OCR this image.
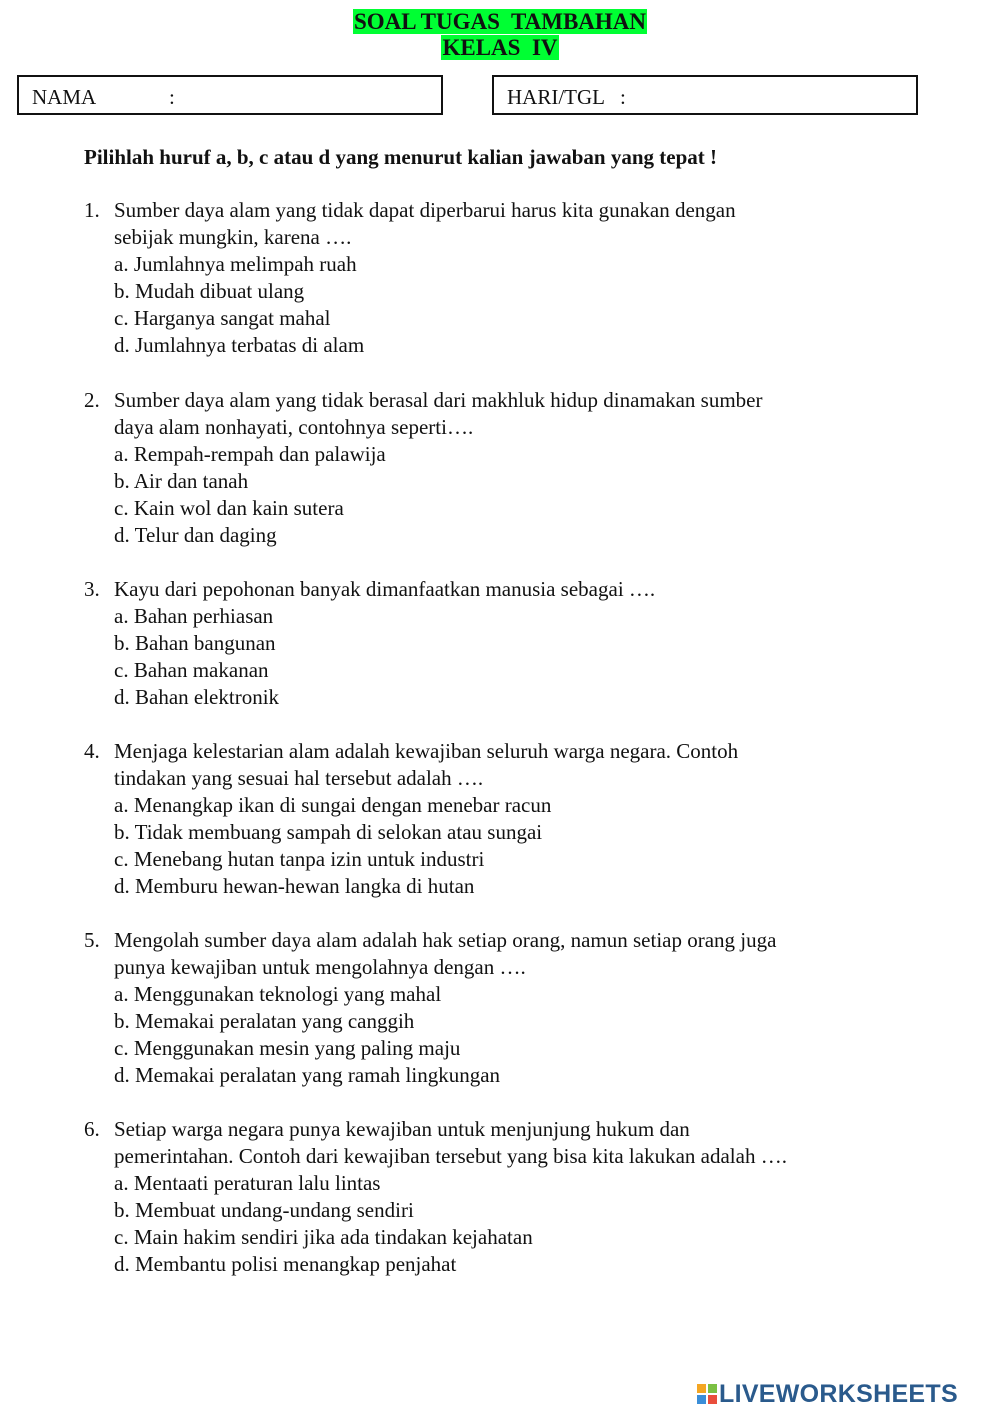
SOAL TUGAS  TAMBAHAN
KELAS  IV
NAMA	:	HARI/TGL :
Pilihlah huruf a, b, c atau d yang menurut kalian jawaban yang tepat !
1. Sumber daya alam yang tidak dapat diperbarui harus kita gunakan dengan
sebijak mungkin, karena ….
a. Jumlahnya melimpah ruah
b. Mudah dibuat ulang
c. Harganya sangat mahal
d. Jumlahnya terbatas di alam
2. Sumber daya alam yang tidak berasal dari makhluk hidup dinamakan sumber
daya alam nonhayati, contohnya seperti….
a. Rempah-rempah dan palawija
b. Air dan tanah
c. Kain wol dan kain sutera
d. Telur dan daging
3. Kayu dari pepohonan banyak dimanfaatkan manusia sebagai ….
a. Bahan perhiasan
b. Bahan bangunan
c. Bahan makanan
d. Bahan elektronik
4. Menjaga kelestarian alam adalah kewajiban seluruh warga negara. Contoh
tindakan yang sesuai hal tersebut adalah ….
a. Menangkap ikan di sungai dengan menebar racun
b. Tidak membuang sampah di selokan atau sungai
c. Menebang hutan tanpa izin untuk industri
d. Memburu hewan-hewan langka di hutan
5. Mengolah sumber daya alam adalah hak setiap orang, namun setiap orang juga
punya kewajiban untuk mengolahnya dengan ….
a. Menggunakan teknologi yang mahal
b. Memakai peralatan yang canggih
c. Menggunakan mesin yang paling maju
d. Memakai peralatan yang ramah lingkungan
6. Setiap warga negara punya kewajiban untuk menjunjung hukum dan
pemerintahan. Contoh dari kewajiban tersebut yang bisa kita lakukan adalah ….
a. Mentaati peraturan lalu lintas
b. Membuat undang-undang sendiri
c. Main hakim sendiri jika ada tindakan kejahatan
d. Membantu polisi menangkap penjahat
LIVEWORKSHEETS
